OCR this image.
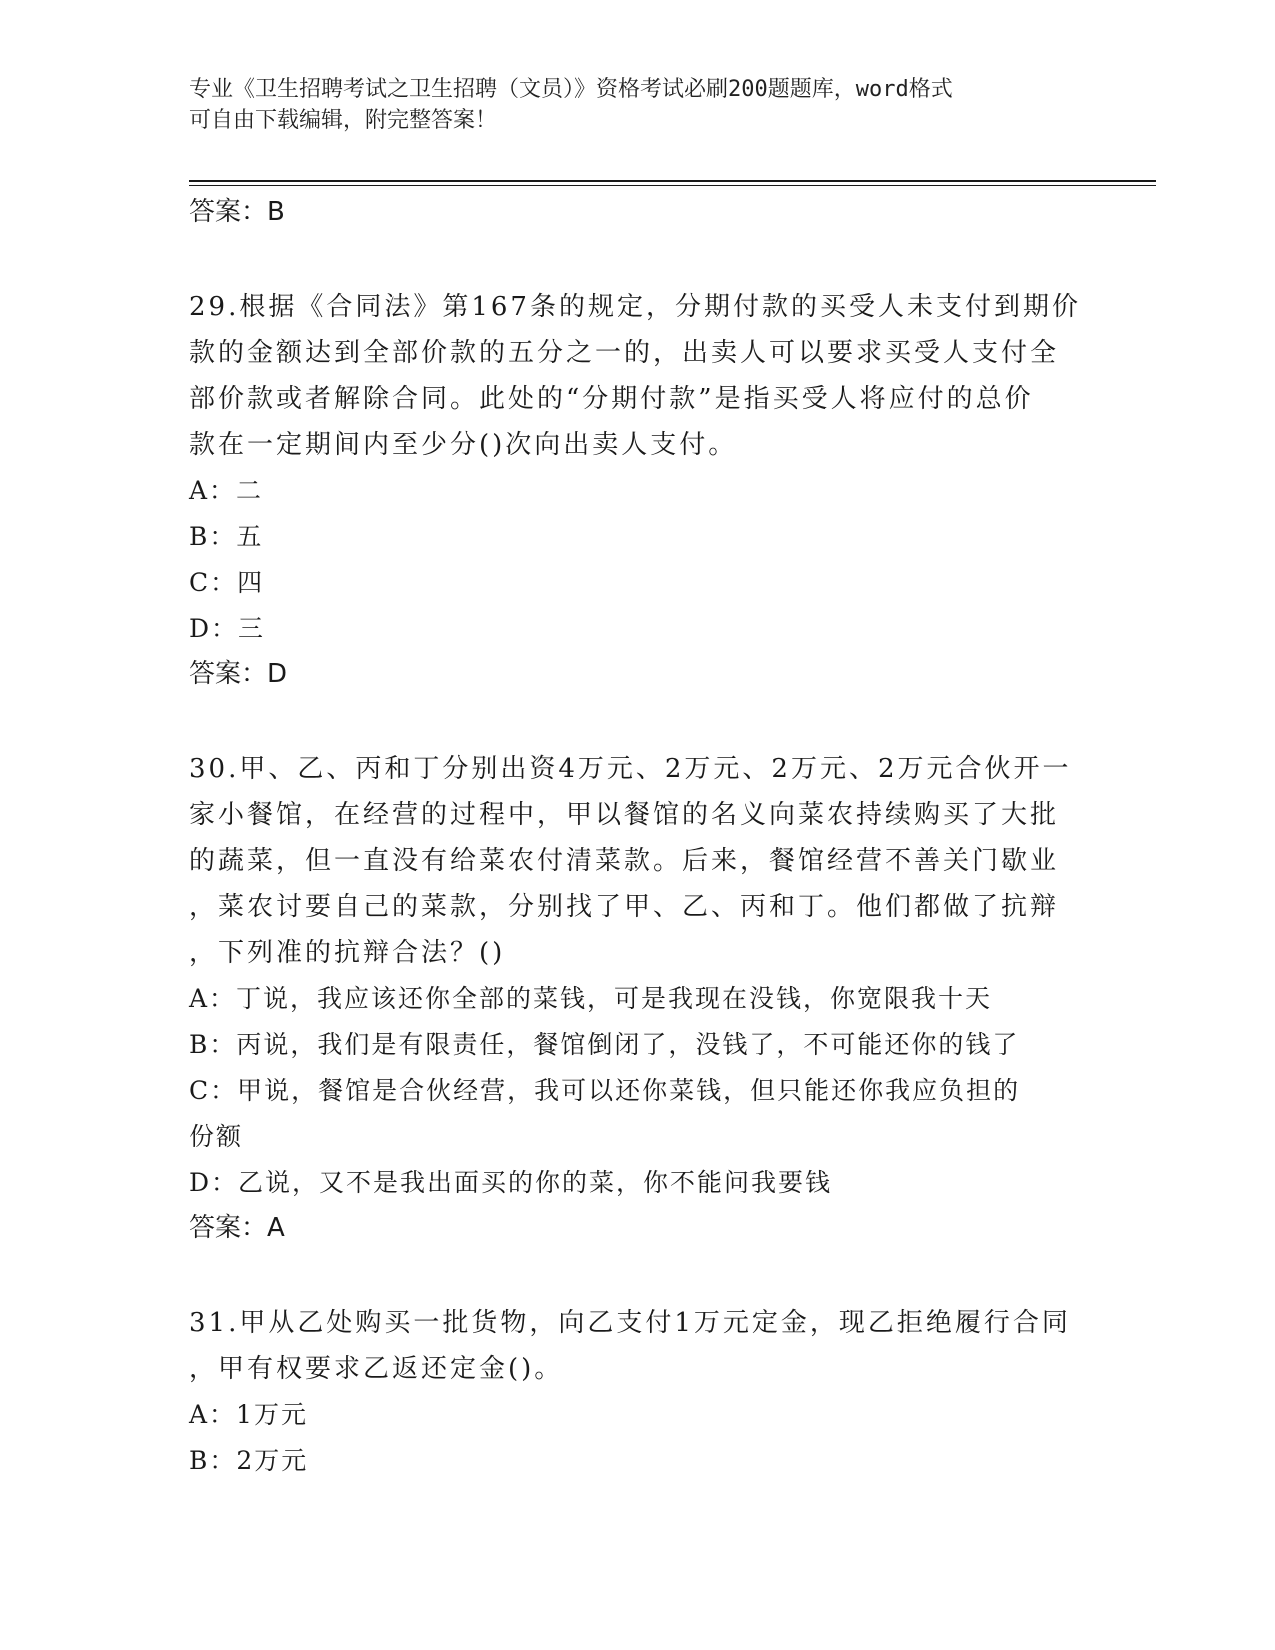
专业《卫生招聘考试之卫生招聘（文员）》资格考试必刷200题题库，word格式
可自由下载编辑，附完整答案！
答案：B
29.根据《合同法》第167条的规定，分期付款的买受人未支付到期价
款的金额达到全部价款的五分之一的，出卖人可以要求买受人支付全
部价款或者解除合同。此处的“分期付款”是指买受人将应付的总价
款在一定期间内至少分()次向出卖人支付。
A：二
B：五
C：四
D：三
答案：D
30.甲、乙、丙和丁分别出资4万元、2万元、2万元、2万元合伙开一
家小餐馆，在经营的过程中，甲以餐馆的名义向菜农持续购买了大批
的蔬菜，但一直没有给菜农付清菜款。后来，餐馆经营不善关门歇业
，菜农讨要自己的菜款，分别找了甲、乙、丙和丁。他们都做了抗辩
，下列准的抗辩合法？()
A：丁说，我应该还你全部的菜钱，可是我现在没钱，你宽限我十天
B：丙说，我们是有限责任，餐馆倒闭了，没钱了，不可能还你的钱了
C：甲说，餐馆是合伙经营，我可以还你菜钱，但只能还你我应负担的
份额
D：乙说，又不是我出面买的你的菜，你不能问我要钱
答案：A
31.甲从乙处购买一批货物，向乙支付1万元定金，现乙拒绝履行合同
，甲有权要求乙返还定金()。
A：1万元
B：2万元
